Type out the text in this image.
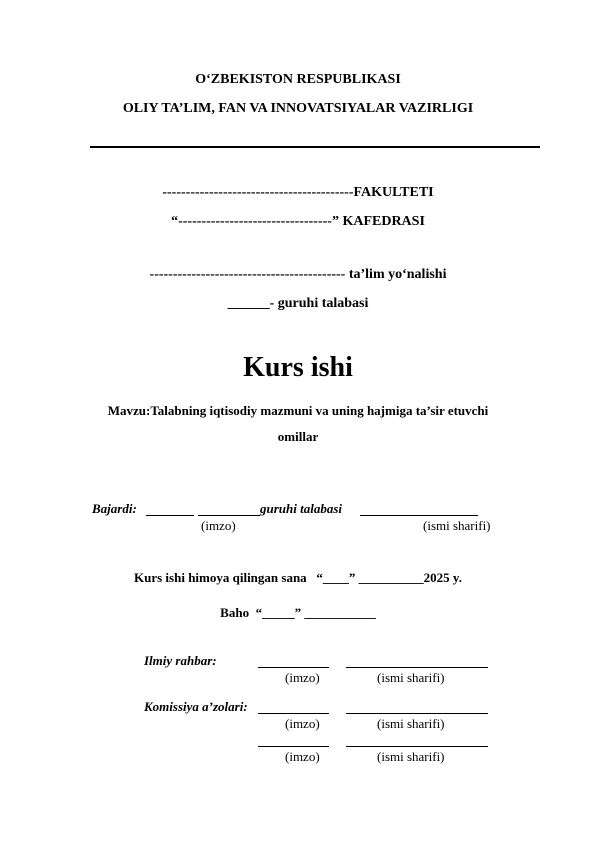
O‘ZBEKISTON RESPUBLIKASI
OLIY TA’LIM, FAN VA INNOVATSIYALAR VAZIRLIGI
-----------------------------------------FAKULTETI
“---------------------------------” KAFEDRASI
------------------------------------------ ta’lim yo‘nalishi
______- guruhi talabasi
Kurs ishi
Mavzu:Talabning iqtisodiy mazmuni va uning hajmiga ta’sir etuvchi
omillar
Bajardi:	guruhi talabasi
(imzo)	(ismi sharifi)
Kurs ishi himoya qilingan sana   “____” __________2025 y.
Baho  “_____” ___________
Ilmiy rahbar:
(imzo)	(ismi sharifi)
Komissiya a’zolari:
(imzo)	(ismi sharifi)
(imzo)	(ismi sharifi)
